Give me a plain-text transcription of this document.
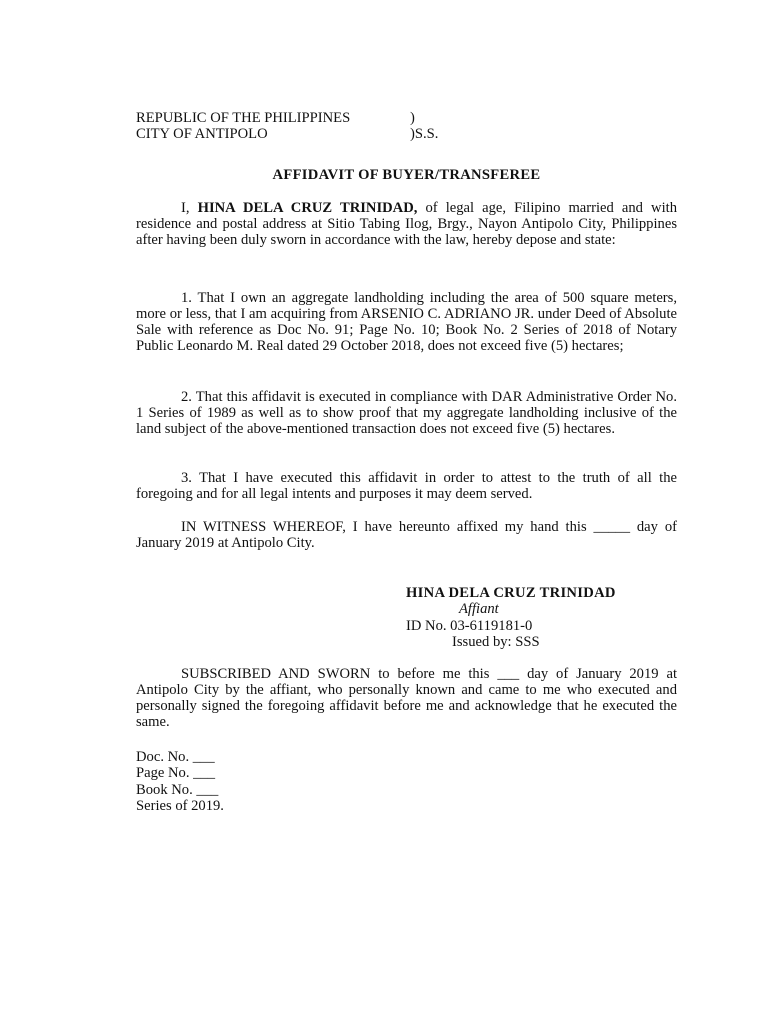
REPUBLIC OF THE PHILIPPINES	)
CITY OF ANTIPOLO	)S.S.
AFFIDAVIT OF BUYER/TRANSFEREE

I, HINA DELA CRUZ TRINIDAD, of legal age, Filipino married and with residence and postal address at Sitio Tabing Ilog, Brgy., Nayon Antipolo City, Philippines after having been duly sworn in accordance with the law, hereby depose and state:

1. That I own an aggregate landholding including the area of 500 square meters, more or less, that I am acquiring from ARSENIO C. ADRIANO JR. under Deed of Absolute Sale with reference as Doc No. 91; Page No. 10; Book No. 2 Series of 2018 of Notary Public Leonardo M. Real dated 29 October 2018, does not exceed five (5) hectares;

2. That this affidavit is executed in compliance with DAR Administrative Order No. 1 Series of 1989 as well as to show proof that my aggregate landholding inclusive of the land subject of the above-mentioned transaction does not exceed five (5) hectares.

3. That I have executed this affidavit in order to attest to the truth of all the foregoing and for all legal intents and purposes it may deem served.

IN WITNESS WHEREOF, I have hereunto affixed my hand this _____ day of January 2019 at Antipolo City.

HINA DELA CRUZ TRINIDAD
Affiant
ID No. 03-6119181-0
Issued by: SSS

SUBSCRIBED AND SWORN to before me this ___ day of January 2019 at Antipolo City by the affiant, who personally known and came to me who executed and personally signed the foregoing affidavit before me and acknowledge that he executed the same.

Doc. No. ___
Page No. ___
Book No. ___
Series of 2019.
